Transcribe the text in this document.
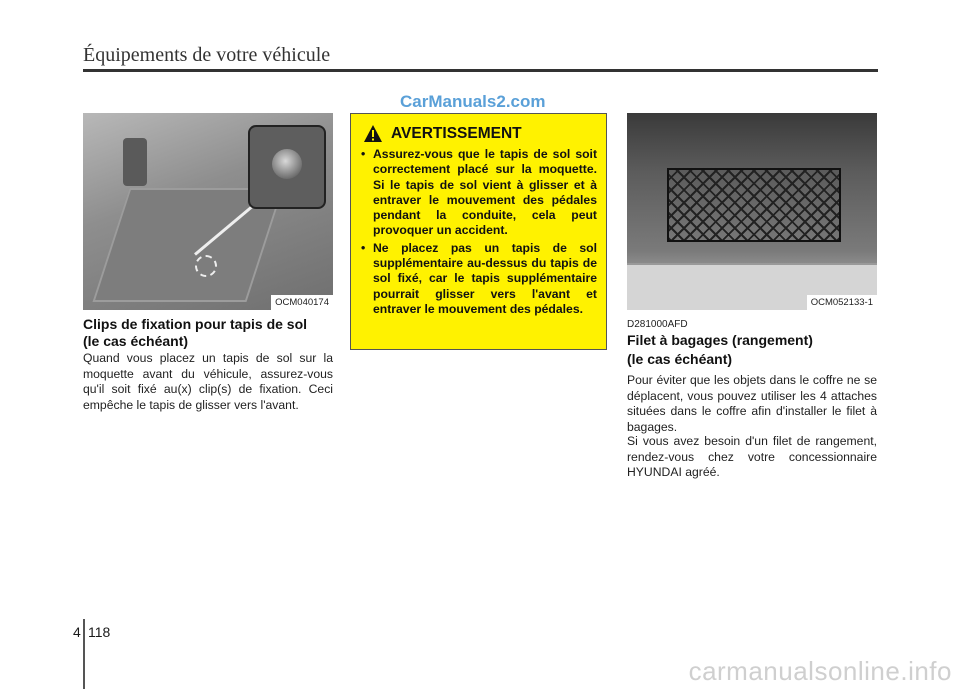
Équipements de votre véhicule
CarManuals2.com
OCM040174
Clips de fixation pour tapis de sol
(le cas échéant)
Quand vous placez un tapis de sol sur la moquette avant du véhicule, assurez-vous qu'il soit fixé au(x) clip(s) de fixation. Ceci empêche le tapis de glisser vers l'avant.
AVERTISSEMENT
• Assurez-vous que le tapis de sol soit correctement placé sur la moquette. Si le tapis de sol vient à glisser et à entraver le mouvement des pédales pendant la conduite, cela peut provoquer un accident.
• Ne placez pas un tapis de sol supplémentaire au-dessus du tapis de sol fixé, car le tapis supplémentaire pourrait glisser vers l'avant et entraver le mouvement des pédales.	OCM052133-1
D281000AFD
Filet à bagages (rangement)
(le cas échéant)
Pour éviter que les objets dans le coffre ne se déplacent, vous pouvez utiliser les 4 attaches situées dans le coffre afin d'installer le filet à bagages.
Si vous avez besoin d'un filet de rangement, rendez-vous chez votre concessionnaire HYUNDAI agréé.
4 118
carmanualsonline.info
